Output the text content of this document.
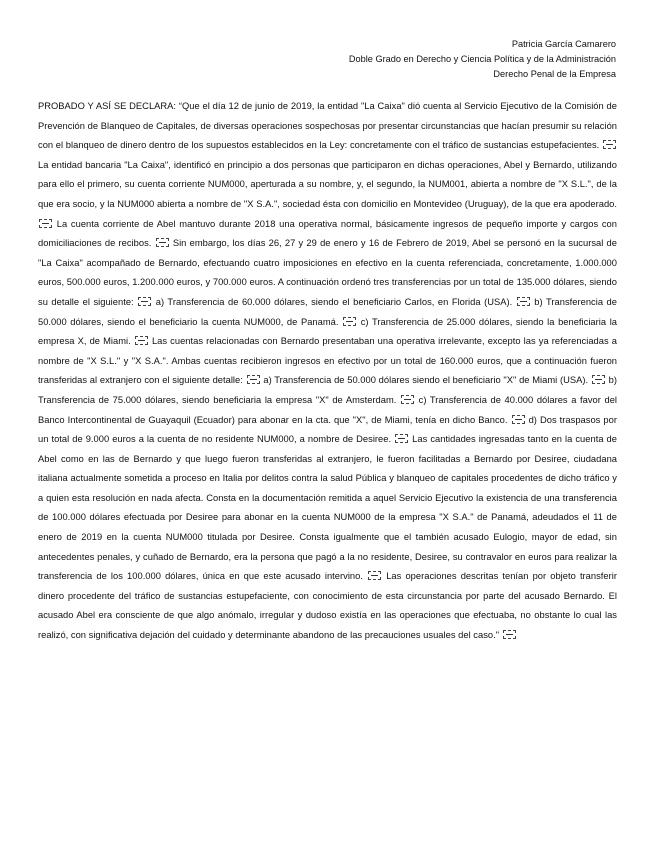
Patricia García Camarero
Doble Grado en Derecho y Ciencia Política y de la Administración
Derecho Penal de la Empresa
PROBADO Y ASÍ SE DECLARA: “Que el día 12 de junio de 2019, la entidad "La Caixa" dió cuenta al Servicio Ejecutivo de la Comisión de Prevención de Blanqueo de Capitales, de diversas operaciones sospechosas por presentar circunstancias que hacían presumir su relación con el blanqueo de dinero dentro de los supuestos establecidos en la Ley: concretamente con el tráfico de sustancias estupefacientes.  La entidad bancaria "La Caixa", identificó en principio a dos personas que participaron en dichas operaciones, Abel y Bernardo, utilizando para ello el primero, su cuenta corriente NUM000, aperturada a su nombre, y, el segundo, la NUM001, abierta a nombre de "X S.L.", de la que era socio, y la NUM000 abierta a nombre de "X S.A.", sociedad ésta con domicilio en Montevideo (Uruguay), de la que era apoderado.  La cuenta corriente de Abel mantuvo durante 2018 una operativa normal, básicamente ingresos de pequeño importe y cargos con domiciliaciones de recibos. Sin embargo, los días 26, 27 y 29 de enero y 16 de Febrero de 2019, Abel se personó en la sucursal de "La Caixa" acompañado de Bernardo, efectuando cuatro imposiciones en efectivo en la cuenta referenciada, concretamente, 1.000.000 euros, 500.000 euros, 1.200.000 euros, y 700.000 euros. A continuación ordenó tres transferencias por un total de 135.000 dólares, siendo su detalle el siguiente: a) Transferencia de 60.000 dólares, siendo el beneficiario Carlos, en Florida (USA). b) Transferencia de 50.000 dólares, siendo el beneficiario la cuenta NUM000, de Panamá. c) Transferencia de 25.000 dólares, siendo la beneficiaria la empresa X, de Miami. Las cuentas relacionadas con Bernardo presentaban una operativa irrelevante, excepto las ya referenciadas a nombre de "X S.L." y "X S.A.". Ambas cuentas recibieron ingresos en efectivo por un total de 160.000 euros, que a continuación fueron transferidas al extranjero con el siguiente detalle: a) Transferencia de 50.000 dólares siendo el beneficiario "X" de Miami (USA). b) Transferencia de 75.000 dólares, siendo beneficiaria la empresa "X" de Amsterdam. c) Transferencia de 40.000 dólares a favor del Banco Intercontinental de Guayaquil (Ecuador) para abonar en la cta. que "X", de Miami, tenía en dicho Banco. d) Dos traspasos por un total de 9.000 euros a la cuenta de no residente NUM000, a nombre de Desiree. Las cantidades ingresadas tanto en la cuenta de Abel como en las de Bernardo y que luego fueron transferidas al extranjero, le fueron facilitadas a Bernardo por Desiree, ciudadana italiana actualmente sometida a proceso en Italia por delitos contra la salud Pública y blanqueo de capitales procedentes de dicho tráfico y a quien esta resolución en nada afecta. Consta en la documentación remitida a aquel Servicio Ejecutivo la existencia de una transferencia de 100.000 dólares efectuada por Desiree para abonar en la cuenta NUM000 de la empresa "X S.A." de Panamá, adeudados el 11 de enero de 2019 en la cuenta NUM000 titulada por Desiree. Consta igualmente que el también acusado Eulogio, mayor de edad, sin antecedentes penales, y cuñado de Bernardo, era la persona que pagó a la no residente, Desiree, su contravalor en euros para realizar la transferencia de los 100.000 dólares, única en que este acusado intervino. Las operaciones descritas tenían por objeto transferir dinero procedente del tráfico de sustancias estupefaciente, con conocimiento de esta circunstancia por parte del acusado Bernardo. El acusado Abel era consciente de que algo anómalo, irregular y dudoso existía en las operaciones que efectuaba, no obstante lo cual las realizó, con significativa dejación del cuidado y determinante abandono de las precauciones usuales del caso."
